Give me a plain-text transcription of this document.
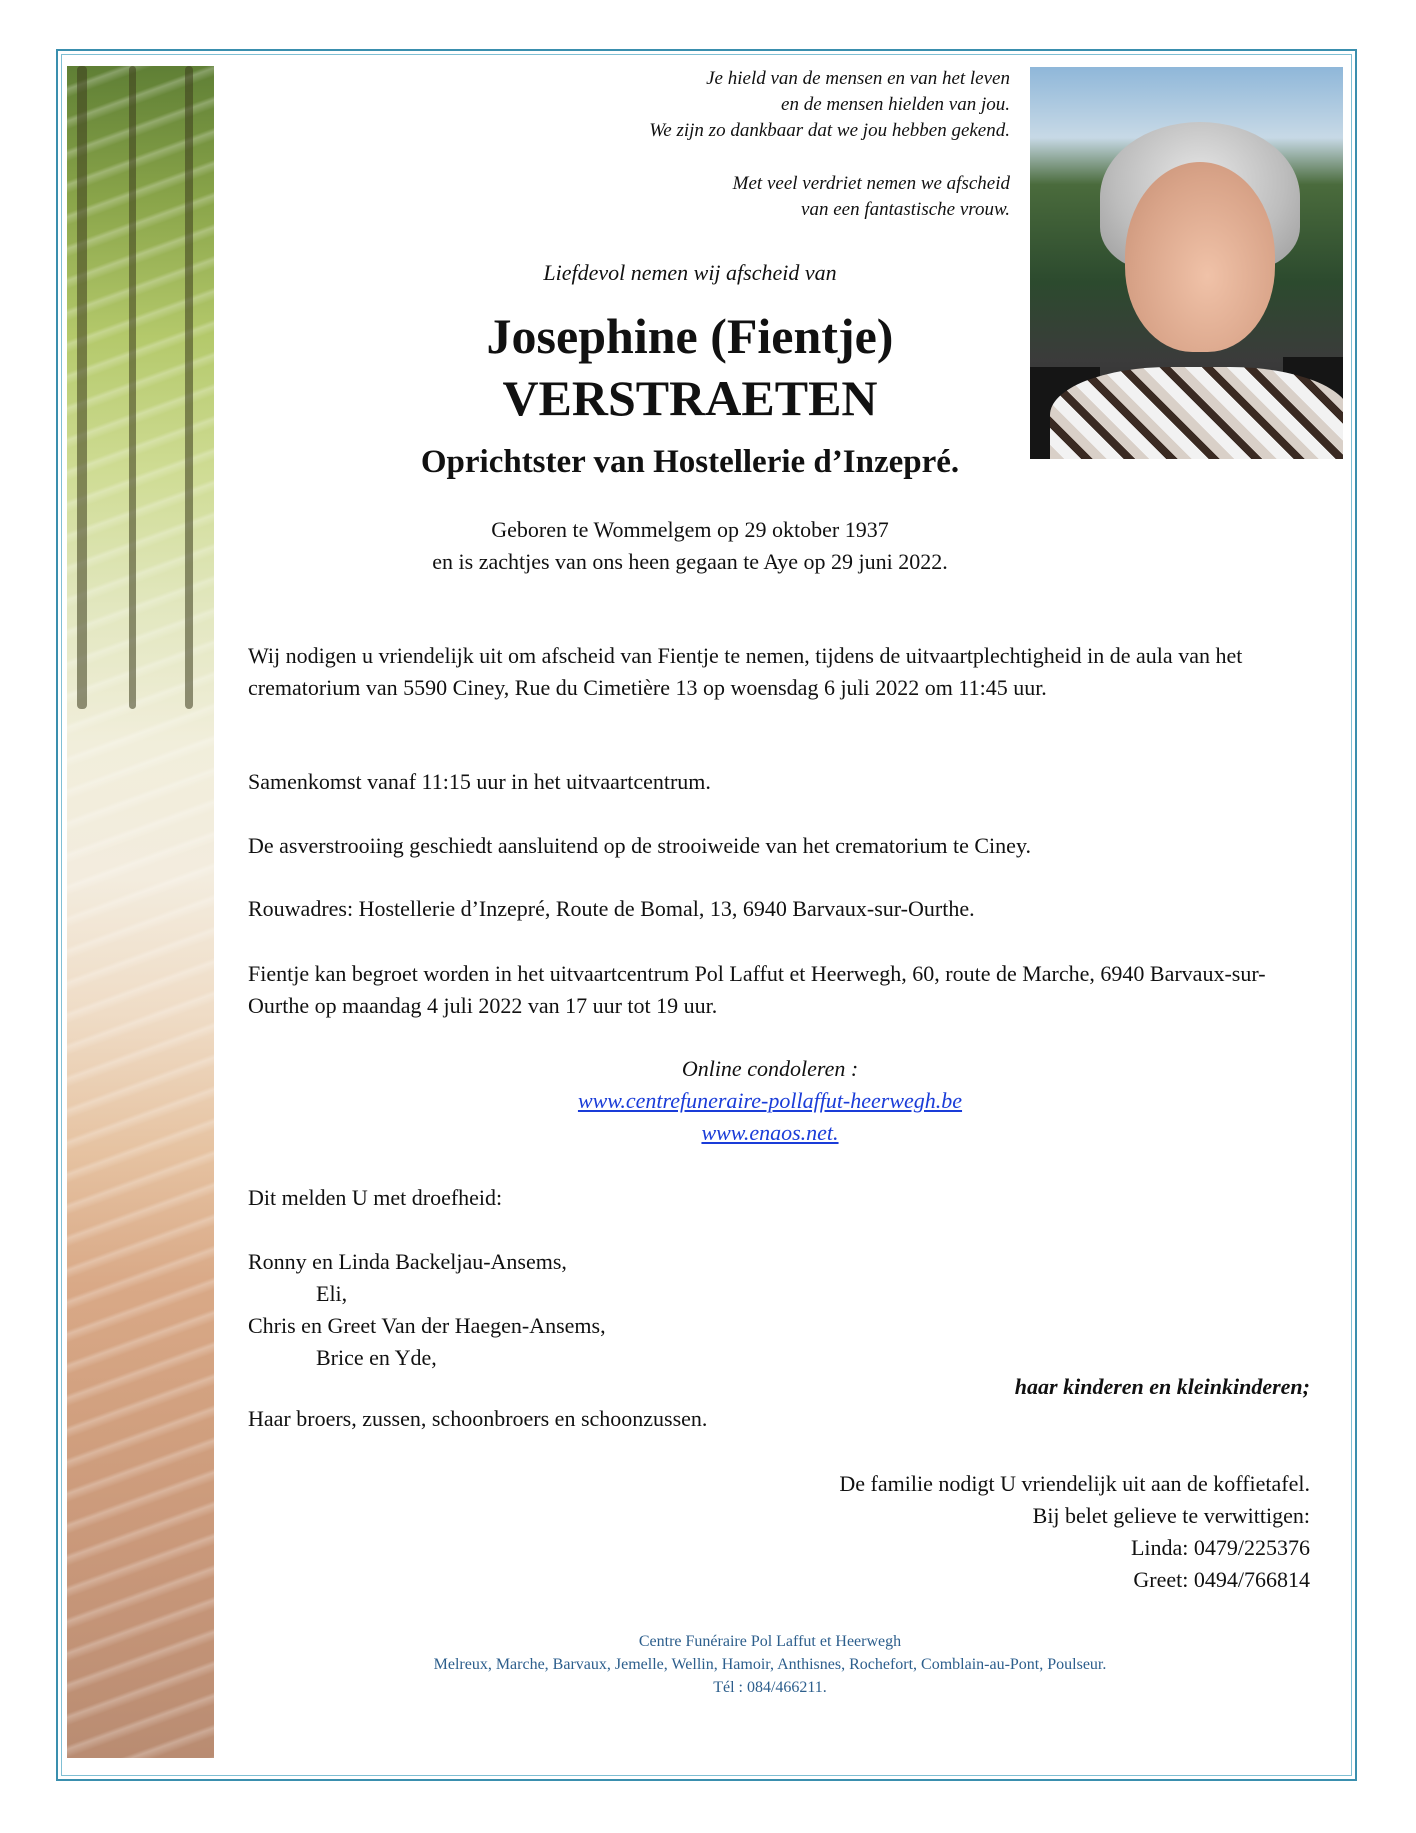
Je hield van de mensen en van het leven
en de mensen hielden van jou.
We zijn zo dankbaar dat we jou hebben gekend.

Met veel verdriet nemen we afscheid
van een fantastische vrouw.

Liefdevol nemen wij afscheid van
Josephine (Fientje)
VERSTRAETEN
Oprichtster van Hostellerie d’Inzepré.
Geboren te Wommelgem op 29 oktober 1937
en is zachtjes van ons heen gegaan te Aye op 29 juni 2022.

Wij nodigen u vriendelijk uit om afscheid van Fientje te nemen, tijdens de uitvaartplechtigheid in de aula van het crematorium van 5590 Ciney, Rue du Cimetière 13 op woensdag 6 juli 2022 om 11:45 uur.

Samenkomst vanaf 11:15 uur in het uitvaartcentrum.

De asverstrooiing geschiedt aansluitend op de strooiweide van het crematorium te Ciney.

Rouwadres: Hostellerie d’Inzepré, Route de Bomal, 13, 6940 Barvaux-sur-Ourthe.

Fientje kan begroet worden in het uitvaartcentrum Pol Laffut et Heerwegh, 60, route de Marche, 6940 Barvaux-sur-Ourthe op maandag 4 juli 2022 van 17 uur tot 19 uur.

Online condoleren :
www.centrefuneraire-pollaffut-heerwegh.be
www.enaos.net.

Dit melden U met droefheid:

Ronny en Linda Backeljau-Ansems,
Eli,
Chris en Greet Van der Haegen-Ansems,
Brice en Yde,
haar kinderen en kleinkinderen;
Haar broers, zussen, schoonbroers en schoonzussen.
De familie nodigt U vriendelijk uit aan de koffietafel.
Bij belet gelieve te verwittigen:
Linda: 0479/225376
Greet: 0494/766814
Centre Funéraire Pol Laffut et Heerwegh
Melreux, Marche, Barvaux, Jemelle, Wellin, Hamoir, Anthisnes, Rochefort, Comblain-au-Pont, Poulseur.
Tél : 084/466211.
